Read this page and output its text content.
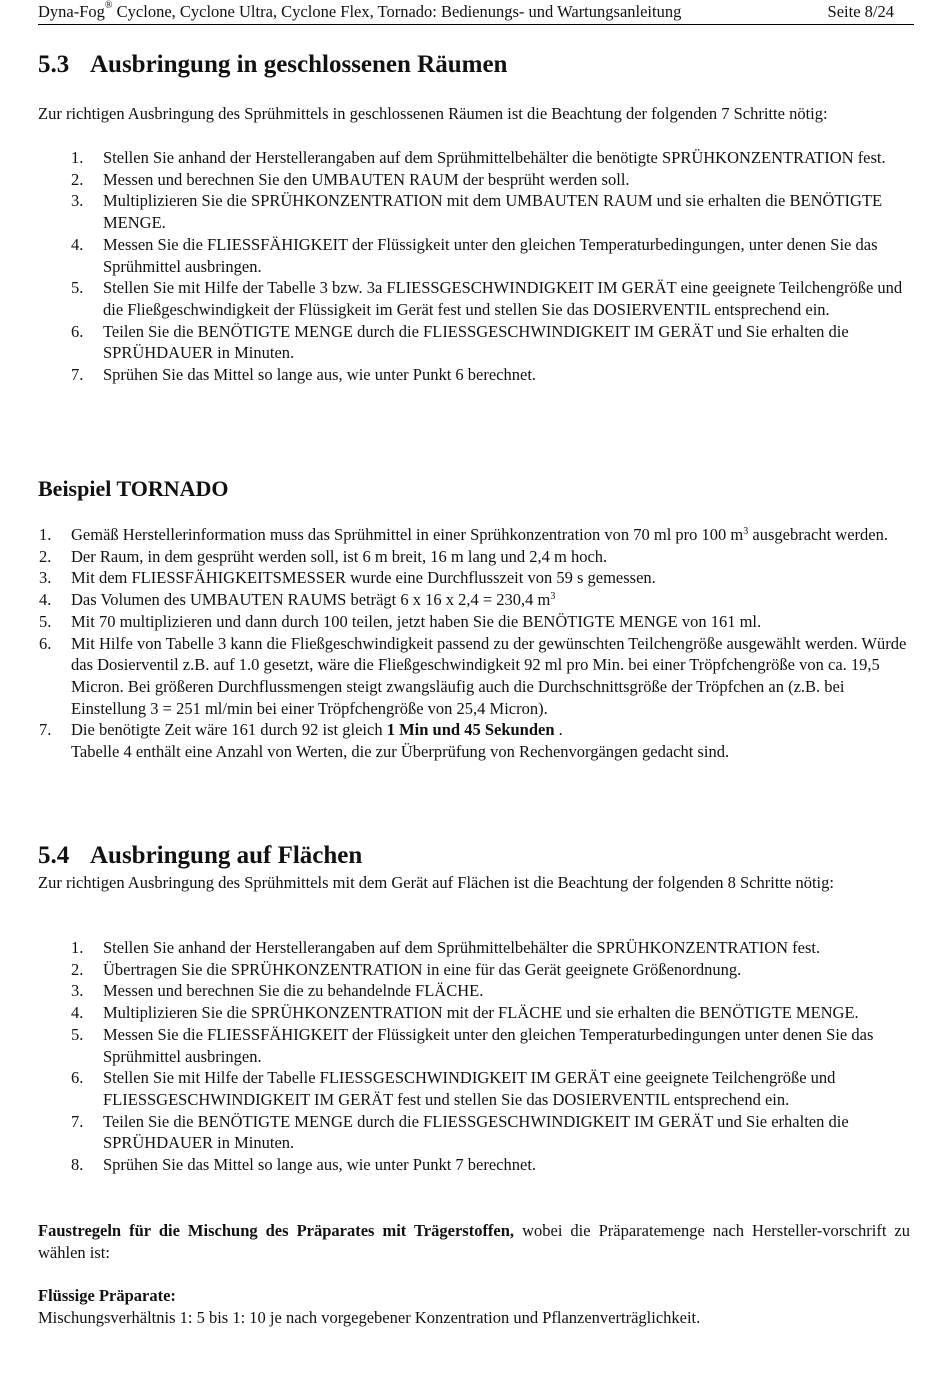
Dyna-Fog® Cyclone, Cyclone Ultra, Cyclone Flex, Tornado: Bedienungs- und Wartungsanleitung	Seite 8/24
5.3 Ausbringung in geschlossenen Räumen
Zur richtigen Ausbringung des Sprühmittels in geschlossenen Räumen ist die Beachtung der folgenden 7 Schritte nötig:
1.	Stellen Sie anhand der Herstellerangaben auf dem Sprühmittelbehälter die benötigte SPRÜHKONZENTRATION fest.
2.	Messen und berechnen Sie den UMBAUTEN RAUM der besprüht werden soll.
3.	Multiplizieren Sie die SPRÜHKONZENTRATION mit dem UMBAUTEN RAUM und sie erhalten die BENÖTIGTE MENGE.
4.	Messen Sie die FLIESSFÄHIGKEIT der Flüssigkeit unter den gleichen Temperaturbedingungen, unter denen Sie das Sprühmittel ausbringen.
5.	Stellen Sie mit Hilfe der Tabelle 3 bzw. 3a FLIESSGESCHWINDIGKEIT IM GERÄT eine geeignete Teilchengröße und die Fließgeschwindigkeit der Flüssigkeit im Gerät fest und stellen Sie das DOSIERVENTIL entsprechend ein.
6.	Teilen Sie die BENÖTIGTE MENGE durch die FLIESSGESCHWINDIGKEIT IM GERÄT und Sie erhalten die SPRÜHDAUER in Minuten.
7.	Sprühen Sie das Mittel so lange aus, wie unter Punkt 6 berechnet.
Beispiel TORNADO
1.	Gemäß Herstellerinformation muss das Sprühmittel in einer Sprühkonzentration von 70 ml pro 100 $m^3$ ausgebracht werden.
2.	Der Raum, in dem gesprüht werden soll, ist 6 m breit, 16 m lang und 2,4 m hoch.
3.	Mit dem FLIESSFÄHIGKEITSMESSER wurde eine Durchflusszeit von 59 s gemessen.
4.	Das Volumen des UMBAUTEN RAUMS beträgt 6 x 16 x 2,4 = 230,4 $m^3$
5.	Mit 70 multiplizieren und dann durch 100 teilen, jetzt haben Sie die BENÖTIGTE MENGE von 161 ml.
6.	Mit Hilfe von Tabelle 3 kann die Fließgeschwindigkeit passend zu der gewünschten Teilchengröße ausgewählt werden. Würde das Dosierventil z.B. auf 1.0 gesetzt, wäre die Fließgeschwindigkeit 92 ml pro Min. bei einer Tröpfchengröße von ca. 19,5 Micron. Bei größeren Durchflussmengen steigt zwangsläufig auch die Durchschnittsgröße der Tröpfchen an (z.B. bei Einstellung 3 = 251 ml/min bei einer Tröpfchengröße von 25,4 Micron).
7.	Die benötigte Zeit wäre 161 durch 92 ist gleich 1 Min und 45 Sekunden .
Tabelle 4 enthält eine Anzahl von Werten, die zur Überprüfung von Rechenvorgängen gedacht sind.
5.4 Ausbringung auf Flächen
Zur richtigen Ausbringung des Sprühmittels mit dem Gerät auf Flächen ist die Beachtung der folgenden 8 Schritte nötig:
1.	Stellen Sie anhand der Herstellerangaben auf dem Sprühmittelbehälter die SPRÜHKONZENTRATION fest.
2.	Übertragen Sie die SPRÜHKONZENTRATION in eine für das Gerät geeignete Größenordnung.
3.	Messen und berechnen Sie die zu behandelnde FLÄCHE.
4.	Multiplizieren Sie die SPRÜHKONZENTRATION mit der FLÄCHE und sie erhalten die BENÖTIGTE MENGE.
5.	Messen Sie die FLIESSFÄHIGKEIT der Flüssigkeit unter den gleichen Temperaturbedingungen unter denen Sie das Sprühmittel ausbringen.
6.	Stellen Sie mit Hilfe der Tabelle FLIESSGESCHWINDIGKEIT IM GERÄT eine geeignete Teilchengröße und FLIESSGESCHWINDIGKEIT IM GERÄT fest und stellen Sie das DOSIERVENTIL entsprechend ein.
7.	Teilen Sie die BENÖTIGTE MENGE durch die FLIESSGESCHWINDIGKEIT IM GERÄT und Sie erhalten die SPRÜHDAUER in Minuten.
8.	Sprühen Sie das Mittel so lange aus, wie unter Punkt 7 berechnet.
Faustregeln für die Mischung des Präparates mit Trägerstoffen, wobei die Präparatemenge nach Hersteller-vorschrift zu wählen ist:
Flüssige Präparate:
Mischungsverhältnis 1: 5 bis 1: 10 je nach vorgegebener Konzentration und Pflanzenverträglichkeit.
